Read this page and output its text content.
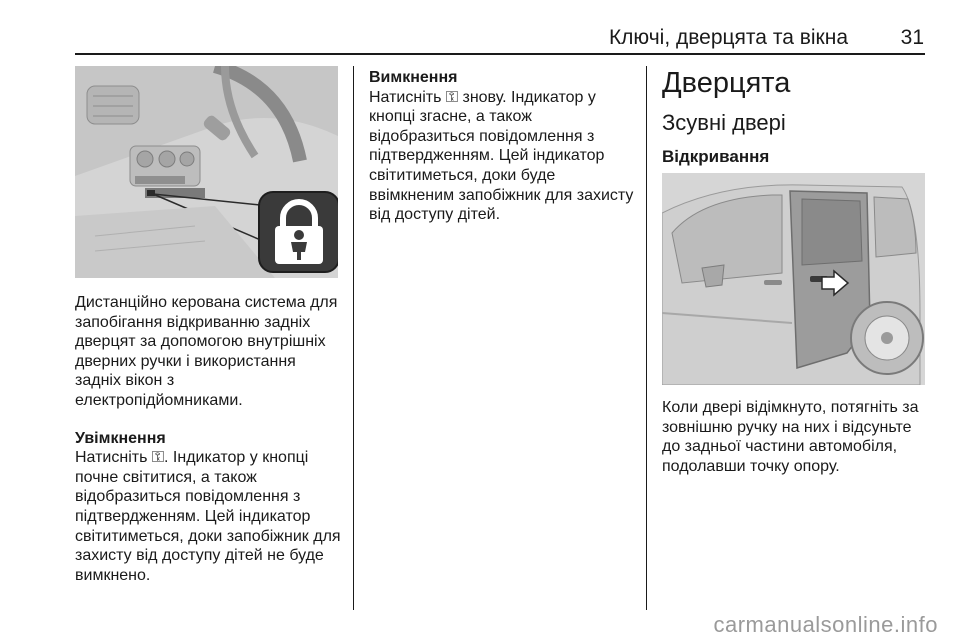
Ключі, дверцята та вікна	31

Дистанційно керована система для запобігання відкриванню задніх дверцят за допомогою внутрішніх дверних ручки і використання задніх вікон з електропідйомниками.

Увімкнення

Натисніть ⚿. Індикатор у кнопці почне світитися, а також відобразиться повідомлення з підтвердженням. Цей індикатор світитиметься, доки запобіжник для захисту від доступу дітей не буде вимкнено.

Вимкнення

Натисніть ⚿ знову. Індикатор у кнопці згасне, а також відобразиться повідомлення з підтвердженням. Цей індикатор світитиметься, доки буде ввімкненим запобіжник для захисту від доступу дітей.

Дверцята
Зсувні двері
Відкривання

Коли двері відімкнуто, потягніть за зовнішню ручку на них і відсуньте до задньої частини автомобіля, подолавши точку опору.

carmanualsonline.info
